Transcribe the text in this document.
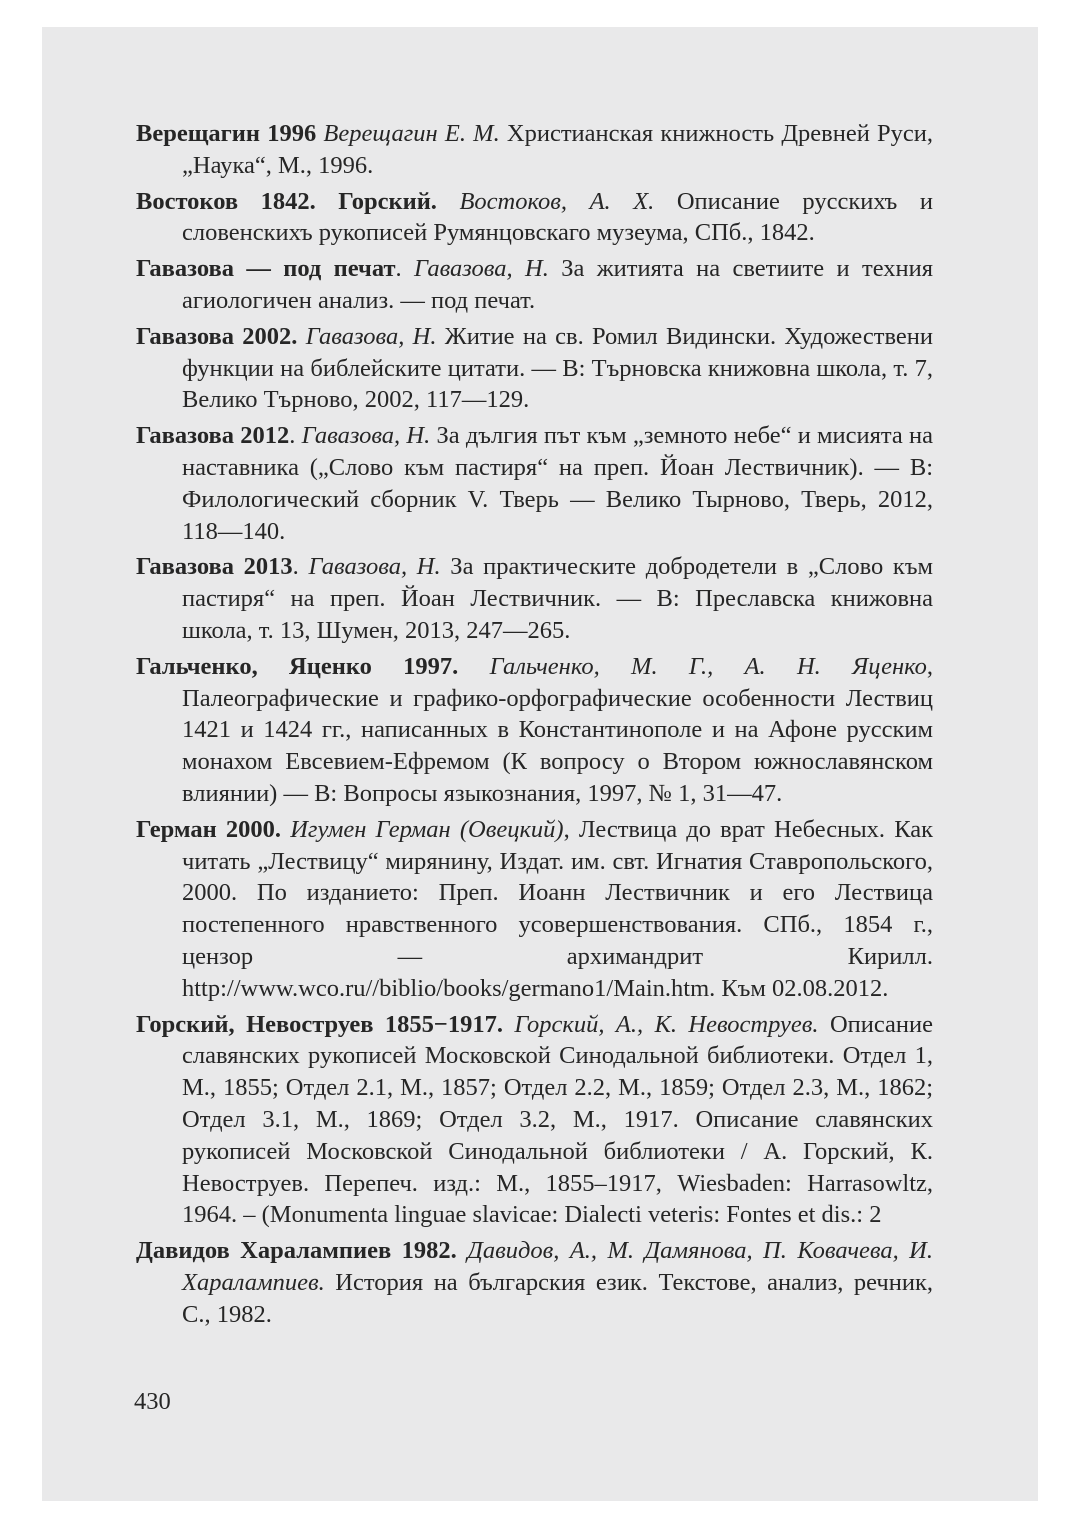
Верещагин 1996 Верещагин Е. М. Христианская книжность Древней Руси, „Наука“, М., 1996.

Востоков 1842. Горский. Востоков, А. Х. Описание русскихъ и словенскихъ рукописей Румянцовскаго музеума, СПб., 1842.

Гавазова — под печат. Гавазова, Н. За житията на светиите и техния агиологичен анализ. — под печат.

Гавазова 2002. Гавазова, Н. Житие на св. Ромил Видински. Художествени функции на библейските цитати. — В: Търновска книжовна школа, т. 7, Велико Търново, 2002, 117—129.

Гавазова 2012. Гавазова, Н. За дългия път към „земното небе“ и мисията на наставника („Слово към пастиря“ на преп. Йоан Лествичник). — В: Филологический сборник V. Тверь — Велико Тырново, Тверь, 2012, 118—140.

Гавазова 2013. Гавазова, Н. За практическите добродетели в „Слово към пастиря“ на преп. Йоан Лествичник. — В: Преславска книжовна школа, т. 13, Шумен, 2013, 247—265.

Гальченко, Яценко 1997. Гальченко, М. Г., А. Н. Яценко, Палеографические и графико-орфографические особенности Лествиц 1421 и 1424 гг., написанных в Константинополе и на Афоне русским монахом Евсевием-Ефремом (К вопросу о Втором южнославянском влиянии) — В: Вопросы языкознания, 1997, № 1, 31—47.

Герман 2000. Игумен Герман (Овецкий), Лествица до врат Небесных. Как читать „Лествицу“ мирянину, Издат. им. свт. Игнатия Ставропольского, 2000. По изданието: Преп. Иоанн Лествичник и его Лествица постепенного нравственного усовершенствования. СПб., 1854 г., цензор — архимандрит Кирилл. http://www.wco.ru//biblio/books/germano1/Main.htm. Към 02.08.2012.

Горский, Невоструев 1855−1917. Горский, А., К. Невоструев. Описание славянских рукописей Московской Синодальной библиотеки. Отдел 1, М., 1855; Отдел 2.1, М., 1857; Отдел 2.2, М., 1859; Отдел 2.3, М., 1862; Отдел 3.1, М., 1869; Отдел 3.2, М., 1917. Описание славянских рукописей Московской Синодальной библиотеки / А. Горский, К. Невоструев. Перепеч. изд.: М., 1855–1917, Wiesbaden: Harrasowltz, 1964. – (Monumenta linguae slavicae: Dialecti veteris: Fontes et dis.: 2

Давидов Харалампиев 1982. Давидов, А., М. Дамянова, П. Ковачева, И. Харалампиев. История на българския език. Текстове, анализ, речник, С., 1982.

430
